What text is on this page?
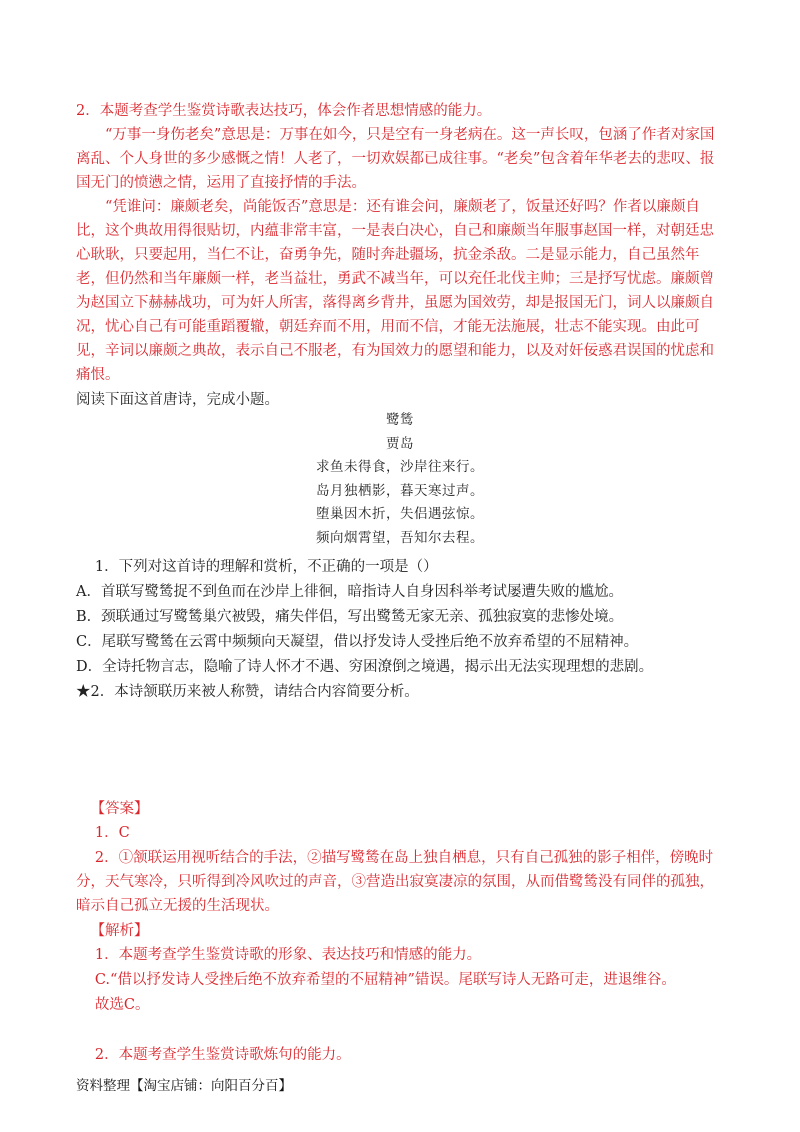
2．本题考查学生鉴赏诗歌表达技巧，体会作者思想情感的能力。
“万事一身伤老矣”意思是：万事在如今，只是空有一身老病在。这一声长叹，包涵了作者对家国离乱、个人身世的多少感慨之情！人老了，一切欢娱都已成往事。“老矣”包含着年华老去的悲叹、报国无门的愤懑之情，运用了直接抒情的手法。
“凭谁问：廉颇老矣，尚能饭否”意思是：还有谁会问，廉颇老了，饭量还好吗？作者以廉颇自比，这个典故用得很贴切，内蕴非常丰富，一是表白决心，自己和廉颇当年服事赵国一样，对朝廷忠心耿耿，只要起用，当仁不让，奋勇争先，随时奔赴疆场，抗金杀敌。二是显示能力，自己虽然年老，但仍然和当年廉颇一样，老当益壮，勇武不减当年，可以充任北伐主帅；三是抒写忧虑。廉颇曾为赵国立下赫赫战功，可为奸人所害，落得离乡背井，虽愿为国效劳，却是报国无门，词人以廉颇自况，忧心自己有可能重蹈覆辙，朝廷弃而不用，用而不信，才能无法施展，壮志不能实现。由此可见，辛词以廉颇之典故，表示自己不服老，有为国效力的愿望和能力，以及对奸佞惑君误国的忧虑和痛恨。
阅读下面这首唐诗，完成小题。
鹭鸶
贾岛
求鱼未得食，沙岸往来行。
岛月独栖影，暮天寒过声。
堕巢因木折，失侣遇弦惊。
频向烟霄望，吾知尔去程。
1．下列对这首诗的理解和赏析，不正确的一项是（）
A．首联写鹭鸶捉不到鱼而在沙岸上徘徊，暗指诗人自身因科举考试屡遭失败的尴尬。
B．颈联通过写鹭鸶巢穴被毁，痛失伴侣，写出鹭鸶无家无亲、孤独寂寞的悲惨处境。
C．尾联写鹭鸶在云霄中频频向天凝望，借以抒发诗人受挫后绝不放弃希望的不屈精神。
D．全诗托物言志，隐喻了诗人怀才不遇、穷困潦倒之境遇，揭示出无法实现理想的悲剧。
★2．本诗颔联历来被人称赞，请结合内容简要分析。
【答案】
1．C
2．①颔联运用视听结合的手法，②描写鹭鸶在岛上独自栖息，只有自己孤独的影子相伴，傍晚时分，天气寒冷，只听得到冷风吹过的声音，③营造出寂寞凄凉的氛围，从而借鹭鸶没有同伴的孤独，暗示自己孤立无援的生活现状。
【解析】
1．本题考查学生鉴赏诗歌的形象、表达技巧和情感的能力。
C.“借以抒发诗人受挫后绝不放弃希望的不屈精神”错误。尾联写诗人无路可走，进退维谷。
故选C。
2．本题考查学生鉴赏诗歌炼句的能力。
资料整理【淘宝店铺：向阳百分百】
